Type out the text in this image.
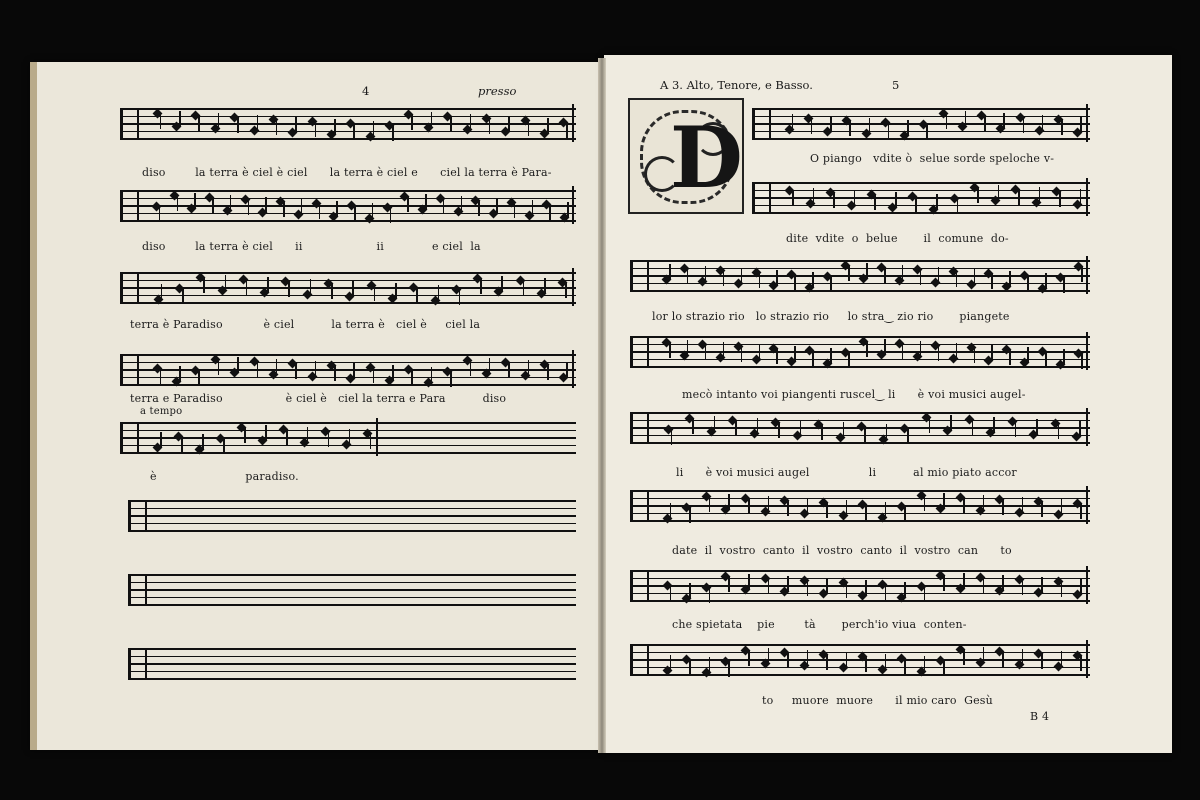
4	presso	A 3. Alto, Tenore, e Basso.	5
D
diso        la terra è ciel è ciel      la terra è ciel e      ciel la terra è Para-
diso        la terra è ciel      ii                    ii             e ciel  la
terra è Paradiso           è ciel          la terra è   ciel è     ciel la
terra e Paradiso                 è ciel è   ciel la terra e Para          diso
a tempo
è                        paradiso.
O piango   vdite ò  selue sorde speloche v-
dite  vdite  o  belue       il  comune  do-
lor lo strazio rio   lo strazio rio     lo stra‿ zio rio       piangete
mecò intanto voi piangenti ruscel‿ li      è voi musici augel-
li      è voi musici augel                li          al mio piato accor
date  il  vostro  canto  il  vostro  canto  il  vostro  can      to
che spietata    pie        tà       perch'io viua  conten-
to     muore  muore      il mio caro  Gesù
B 4
